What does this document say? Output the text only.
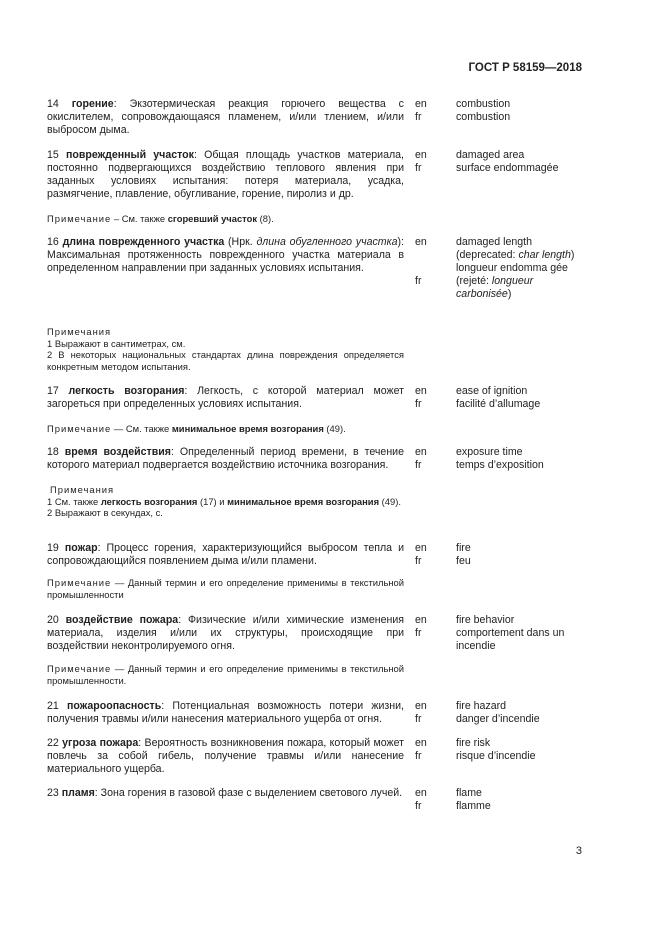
ГОСТ Р 58159—2018
14 горение: Экзотермическая реакция горючего вещества с окислителем, сопровождающаяся пламенем, и/или тлением, и/или выбросом дыма.
en
fr
combustion
combustion
15 поврежденный участок: Общая площадь участков материала, постоянно подвергающихся воздействию теплового явления при заданных условиях испытания: потеря материала, усадка, размягчение, плавление, обугливание, горение, пиролиз и др.
en
fr
damaged area
surface endommagée
Примечание – См. также сгоревший участок (8).
16 длина поврежденного участка (Нрк. длина обугленного участка): Максимальная протяженность поврежденного участка материала в определенном направлении при заданных условиях испытания.
en
fr
damaged length
(deprecated: char length)
longueur endomma gée
(rejeté: longueur carbonisée)
Примечания
1 Выражают в сантиметрах, см.
2 В некоторых национальных стандартах длина повреждения определяется конкретным методом испытания.
17 легкость возгорания: Легкость, с которой материал может загореться при определенных условиях испытания.
en
fr
ease of ignition
facilité d’allumage
Примечание — См. также минимальное время возгорания (49).
18 время воздействия: Определенный период времени, в течение которого материал подвергается воздействию источника возгорания.
en
fr
exposure time
temps d’exposition
Примечания
1 См. также легкость возгорания (17) и минимальное время возгорания (49).
2 Выражают в секундах, с.
19 пожар: Процесс горения, характеризующийся выбросом тепла и сопровождающийся появлением дыма и/или пламени.
en
fr
fire
feu
Примечание — Данный термин и его определение применимы в текстильной промышленности
20 воздействие пожара: Физические и/или химические изменения материала, изделия и/или их структуры, происходящие при воздействии неконтролируемого огня.
en
fr
fire behavior
comportement dans un incendie
Примечание — Данный термин и его определение применимы в текстильной промышленности.
21 пожароопасность: Потенциальная возможность потери жизни, получения травмы и/или нанесения материального ущерба от огня.
en
fr
fire hazard
danger d’incendie
22 угроза пожара: Вероятность возникновения пожара, который может повлечь за собой гибель, получение травмы и/или нанесение материального ущерба.
en
fr
fire risk
risque d’incendie
23 пламя: Зона горения в газовой фазе с выделением светового лучей. en
fr
flame
flamme
3
